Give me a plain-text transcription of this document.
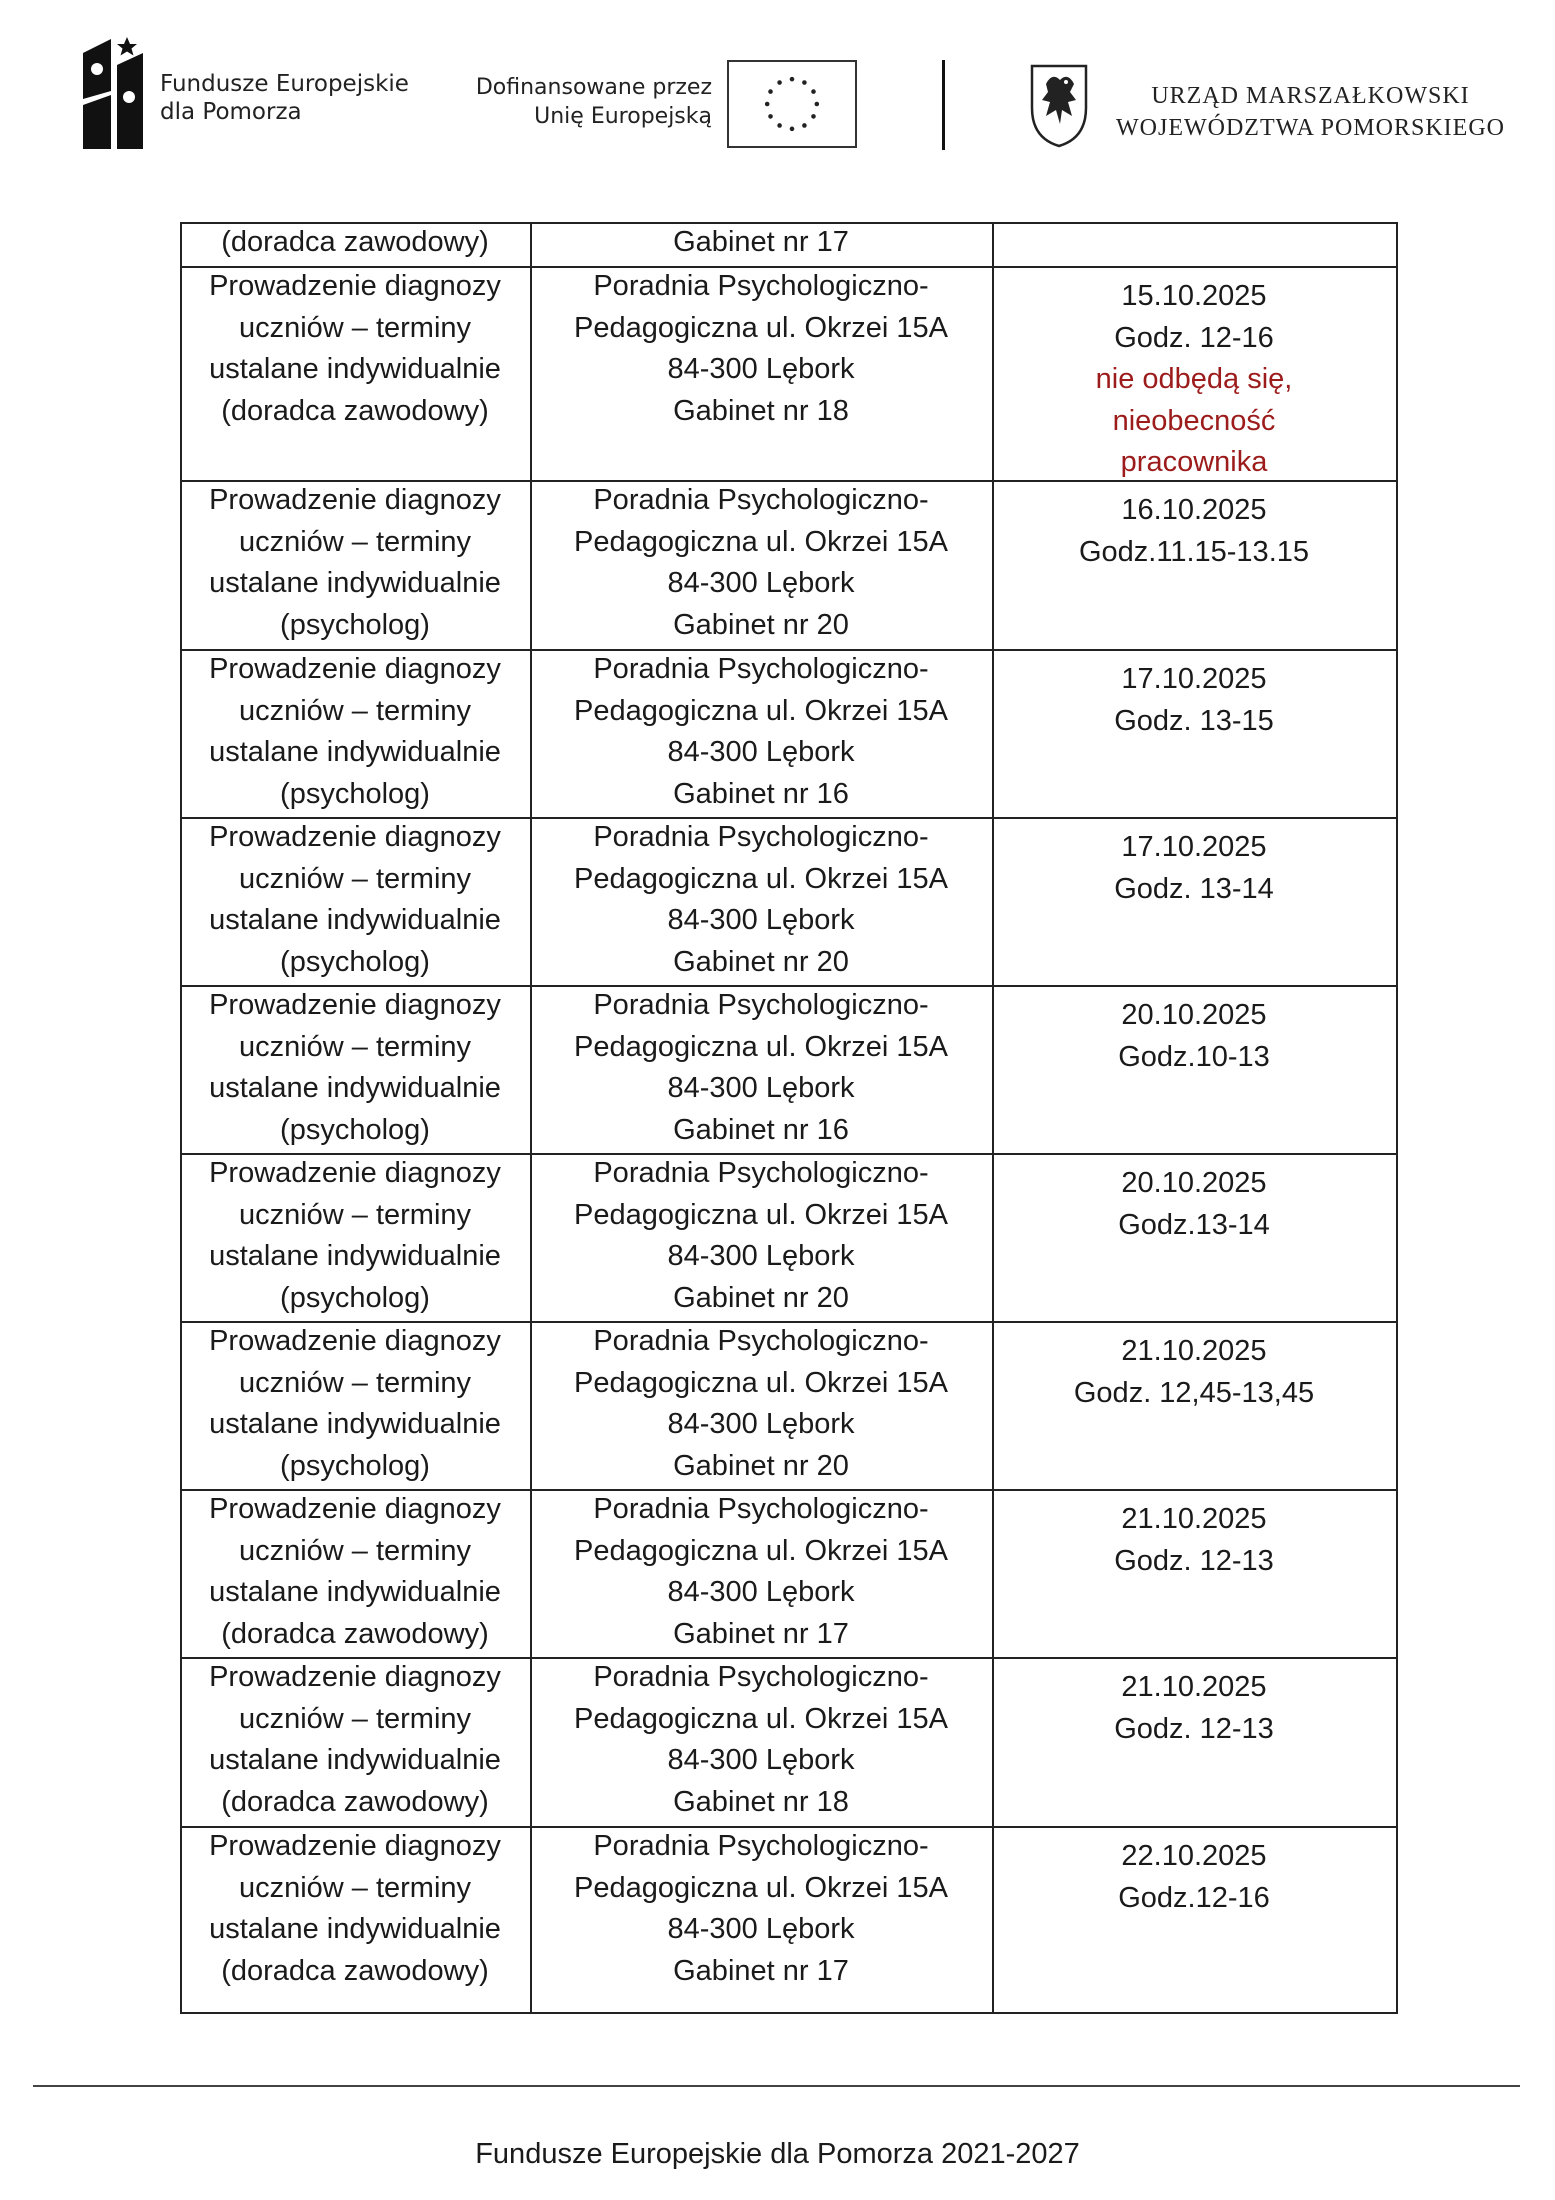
Fundusze Europejskie
dla Pomorza
Dofinansowane przez
Unię Europejską
URZĄD MARSZAŁKOWSKI
WOJEWÓDZTWA POMORSKIEGO
(doradca zawodowy)	Gabinet nr 17
Prowadzenie diagnozy
uczniów – terminy
ustalane indywidualnie
(doradca zawodowy)
Poradnia Psychologiczno-
Pedagogiczna ul. Okrzei 15A
84-300 Lębork
Gabinet nr 18
15.10.2025
Godz. 12-16
nie odbędą się,
nieobecność
pracownika
Prowadzenie diagnozy
uczniów – terminy
ustalane indywidualnie
(psycholog)
Poradnia Psychologiczno-
Pedagogiczna ul. Okrzei 15A
84-300 Lębork
Gabinet nr 20
16.10.2025
Godz.11.15-13.15
Prowadzenie diagnozy
uczniów – terminy
ustalane indywidualnie
(psycholog)
Poradnia Psychologiczno-
Pedagogiczna ul. Okrzei 15A
84-300 Lębork
Gabinet nr 16
17.10.2025
Godz. 13-15
Prowadzenie diagnozy
uczniów – terminy
ustalane indywidualnie
(psycholog)
Poradnia Psychologiczno-
Pedagogiczna ul. Okrzei 15A
84-300 Lębork
Gabinet nr 20
17.10.2025
Godz. 13-14
Prowadzenie diagnozy
uczniów – terminy
ustalane indywidualnie
(psycholog)
Poradnia Psychologiczno-
Pedagogiczna ul. Okrzei 15A
84-300 Lębork
Gabinet nr 16
20.10.2025
Godz.10-13
Prowadzenie diagnozy
uczniów – terminy
ustalane indywidualnie
(psycholog)
Poradnia Psychologiczno-
Pedagogiczna ul. Okrzei 15A
84-300 Lębork
Gabinet nr 20
20.10.2025
Godz.13-14
Prowadzenie diagnozy
uczniów – terminy
ustalane indywidualnie
(psycholog)
Poradnia Psychologiczno-
Pedagogiczna ul. Okrzei 15A
84-300 Lębork
Gabinet nr 20
21.10.2025
Godz. 12,45-13,45
Prowadzenie diagnozy
uczniów – terminy
ustalane indywidualnie
(doradca zawodowy)
Poradnia Psychologiczno-
Pedagogiczna ul. Okrzei 15A
84-300 Lębork
Gabinet nr 17
21.10.2025
Godz. 12-13
Prowadzenie diagnozy
uczniów – terminy
ustalane indywidualnie
(doradca zawodowy)
Poradnia Psychologiczno-
Pedagogiczna ul. Okrzei 15A
84-300 Lębork
Gabinet nr 18
21.10.2025
Godz. 12-13
Prowadzenie diagnozy
uczniów – terminy
ustalane indywidualnie
(doradca zawodowy)
Poradnia Psychologiczno-
Pedagogiczna ul. Okrzei 15A
84-300 Lębork
Gabinet nr 17
22.10.2025
Godz.12-16
Fundusze Europejskie dla Pomorza 2021-2027
